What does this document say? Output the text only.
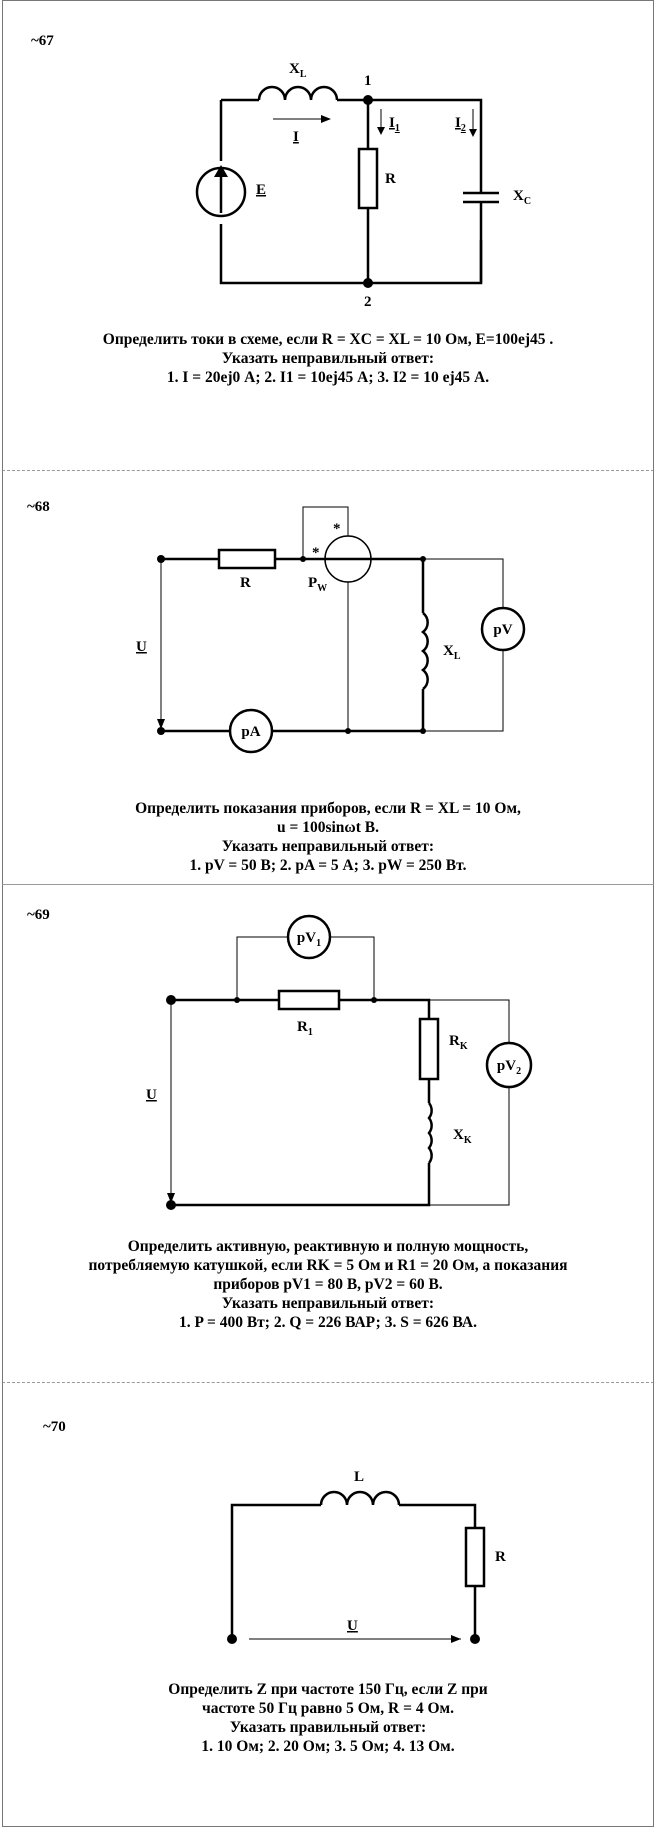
~67
$X_L$	1
2
I
$I_1$	$I_2$
R
E	$X_C$
Определить токи в схеме, если R = XC = XL = 10 Ом, E=100ej45 .
Указать неправильный ответ:
1. I = 20ej0 А; 2. I1 = 10ej45 А; 3. I2 = 10 ej45 А.
~68
R	$P_W$
*
*
U	$X_L$
pV
pA
Определить показания приборов, если R = XL = 10 Ом,
u = 100sinωt B.
Указать неправильный ответ:
1. pV = 50 B; 2. pA = 5 А; 3. pW = 250 Вт.
~69
$pV_1$
$R_1$
$R_K$
U
$X_K$
$pV_2$
Определить активную, реактивную и полную мощность,
потребляемую катушкой, если RK = 5 Ом и R1 = 20 Ом, а показания
приборов pV1 = 80 B, pV2 = 60 B.
Указать неправильный ответ:
1. P = 400 Вт; 2. Q = 226 ВАР; 3. S = 626 ВА.
~70
L
R
U
Определить Z при частоте 150 Гц, если Z при
частоте 50 Гц равно 5 Ом, R = 4 Ом.
Указать правильный ответ:
1. 10 Ом; 2. 20 Ом; 3. 5 Ом; 4. 13 Ом.
